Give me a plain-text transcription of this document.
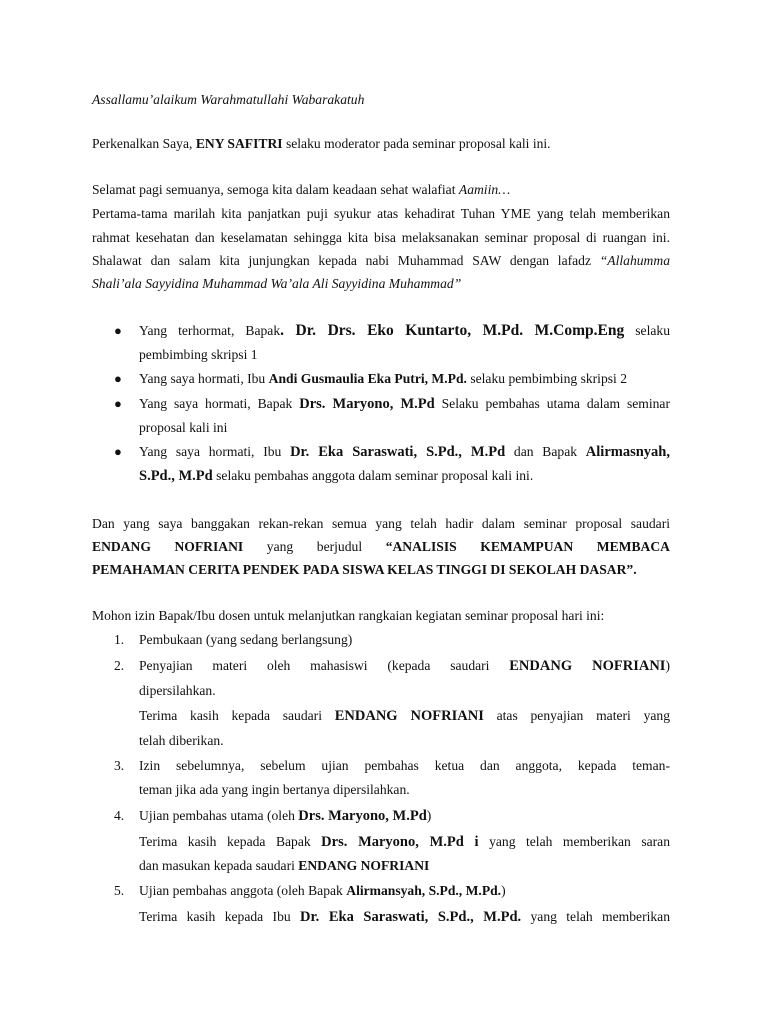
Assallamu’alaikum Warahmatullahi Wabarakatuh
Perkenalkan Saya, ENY SAFITRI selaku moderator pada seminar proposal kali ini.
Selamat pagi semuanya, semoga kita dalam keadaan sehat walafiat Aamiin…
Pertama-tama marilah kita panjatkan puji syukur atas kehadirat Tuhan YME yang telah memberikan
rahmat kesehatan dan keselamatan sehingga kita bisa melaksanakan seminar proposal di ruangan ini.
Shalawat dan salam kita junjungkan kepada nabi Muhammad SAW dengan lafadz “Allahumma
Shali’ala Sayyidina Muhammad Wa’ala Ali Sayyidina Muhammad”
● Yang terhormat, Bapak. Dr. Drs. Eko Kuntarto, M.Pd. M.Comp.Eng selaku
pembimbing skripsi 1
● Yang saya hormati, Ibu Andi Gusmaulia Eka Putri, M.Pd. selaku pembimbing skripsi 2
● Yang saya hormati, Bapak Drs. Maryono, M.Pd Selaku pembahas utama dalam seminar
proposal kali ini
● Yang saya hormati, Ibu Dr. Eka Saraswati, S.Pd., M.Pd dan Bapak Alirmasnyah,
S.Pd., M.Pd selaku pembahas anggota dalam seminar proposal kali ini.
Dan yang saya banggakan rekan-rekan semua yang telah hadir dalam seminar proposal saudari
ENDANG NOFRIANI yang berjudul “ANALISIS KEMAMPUAN MEMBACA
PEMAHAMAN CERITA PENDEK PADA SISWA KELAS TINGGI DI SEKOLAH DASAR”.
Mohon izin Bapak/Ibu dosen untuk melanjutkan rangkaian kegiatan seminar proposal hari ini:
1. Pembukaan (yang sedang berlangsung)
2. Penyajian materi oleh mahasiswi (kepada saudari ENDANG NOFRIANI)
dipersilahkan.
Terima kasih kepada saudari ENDANG NOFRIANI atas penyajian materi yang
telah diberikan.
3. Izin sebelumnya, sebelum ujian pembahas ketua dan anggota, kepada teman-
teman jika ada yang ingin bertanya dipersilahkan.
4. Ujian pembahas utama (oleh Drs. Maryono, M.Pd)
Terima kasih kepada Bapak Drs. Maryono, M.Pd i yang telah memberikan saran
dan masukan kepada saudari ENDANG NOFRIANI
5. Ujian pembahas anggota (oleh Bapak Alirmansyah, S.Pd., M.Pd.)
Terima kasih kepada Ibu Dr. Eka Saraswati, S.Pd., M.Pd. yang telah memberikan
